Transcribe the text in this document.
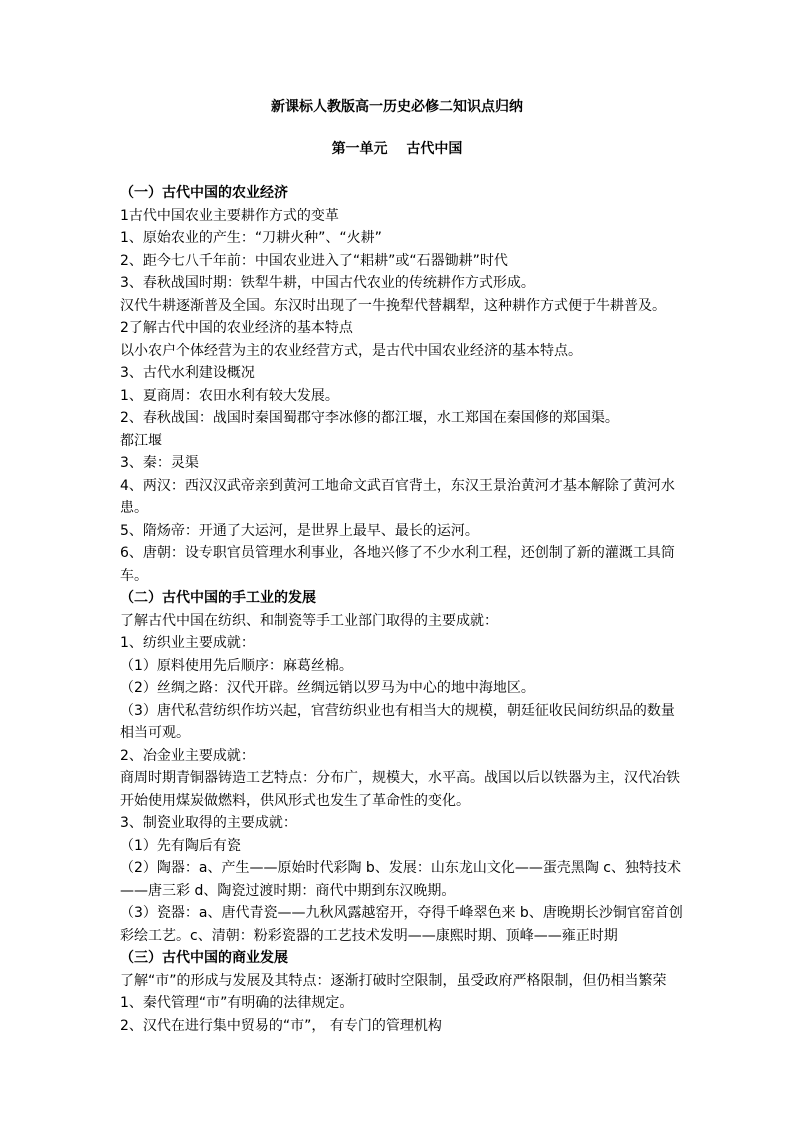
新课标人教版高一历史必修二知识点归纳
第一单元　 古代中国
（一）古代中国的农业经济
1古代中国农业主要耕作方式的变革
1、原始农业的产生：“刀耕火种”、“火耕”
2、距今七八千年前：中国农业进入了“耜耕”或“石器锄耕”时代
3、春秋战国时期：铁犁牛耕，中国古代农业的传统耕作方式形成。
汉代牛耕逐渐普及全国。东汉时出现了一牛挽犁代替耦犁，这种耕作方式便于牛耕普及。
2了解古代中国的农业经济的基本特点
以小农户个体经营为主的农业经营方式，是古代中国农业经济的基本特点。
3、古代水利建设概况
1、夏商周：农田水利有较大发展。
2、春秋战国：战国时秦国蜀郡守李冰修的都江堰，水工郑国在秦国修的郑国渠。
都江堰
3、秦：灵渠
4、两汉：西汉汉武帝亲到黄河工地命文武百官背土，东汉王景治黄河才基本解除了黄河水
患。
5、隋炀帝：开通了大运河，是世界上最早、最长的运河。
6、唐朝：设专职官员管理水利事业，各地兴修了不少水利工程，还创制了新的灌溉工具筒
车。
（二）古代中国的手工业的发展
了解古代中国在纺织、和制瓷等手工业部门取得的主要成就：
1、纺织业主要成就：
（1）原料使用先后顺序：麻葛丝棉。
（2）丝绸之路：汉代开辟。丝绸远销以罗马为中心的地中海地区。
（3）唐代私营纺织作坊兴起，官营纺织业也有相当大的规模，朝廷征收民间纺织品的数量
相当可观。
2、冶金业主要成就：
商周时期青铜器铸造工艺特点：分布广，规模大，水平高。战国以后以铁器为主，汉代冶铁
开始使用煤炭做燃料，供风形式也发生了革命性的变化。
3、制瓷业取得的主要成就：
（1）先有陶后有瓷
（2）陶器：a、产生——原始时代彩陶 b、发展：山东龙山文化——蛋壳黑陶 c、独特技术
——唐三彩 d、陶瓷过渡时期：商代中期到东汉晚期。
（3）瓷器：a、唐代青瓷——九秋风露越窑开，夺得千峰翠色来 b、唐晚期长沙铜官窑首创
彩绘工艺。c、清朝：粉彩瓷器的工艺技术发明——康熙时期、顶峰——雍正时期
（三）古代中国的商业发展
了解“市”的形成与发展及其特点：逐渐打破时空限制，虽受政府严格限制，但仍相当繁荣
1、秦代管理“市”有明确的法律规定。
2、汉代在进行集中贸易的“市”， 有专门的管理机构
